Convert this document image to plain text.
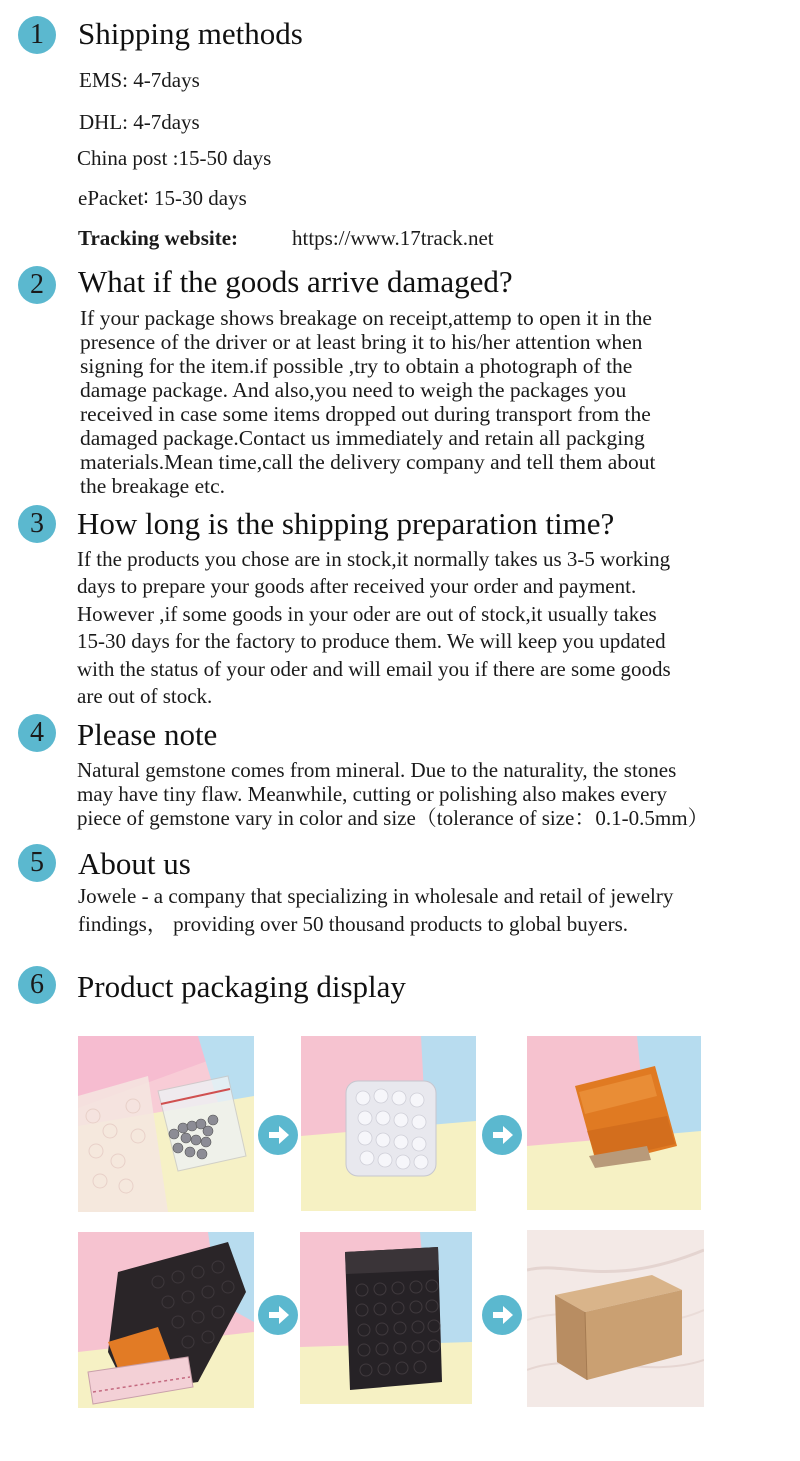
1	Shipping methods
EMS: 4-7days
DHL: 4-7days
China post :15-50 days
ePacket∶ 15-30 days
Tracking website:	https://www.17track.net
2	What if the goods arrive damaged?
If your package shows breakage on receipt,attemp to open it in the
presence of the driver or at least bring it to his/her attention when
signing for the item.if possible ,try to obtain a photograph of the
damage package. And also,you need to weigh the packages you
received in case some items dropped out during transport from the
damaged package.Contact us immediately and retain all packging
materials.Mean time,call the delivery company and tell them about
the breakage etc.
3	How long is the shipping preparation time?
If the products you chose are in stock,it normally takes us 3-5 working
days to prepare your goods after received your order and payment.
However ,if some goods in your oder are out of stock,it usually takes
15-30 days for the factory to produce them. We will keep you updated
with the status of your oder and will email you if there are some goods
are out of stock.
4	Please note
Natural gemstone comes from mineral. Due to the naturality, the stones
may have tiny flaw. Meanwhile, cutting or polishing also makes every
piece of gemstone vary in color and size（tolerance of size：0.1-0.5mm）
5	About us
Jowele - a company that specializing in wholesale and retail of jewelry
findings， providing over 50 thousand products to global buyers.
6	Product packaging display
